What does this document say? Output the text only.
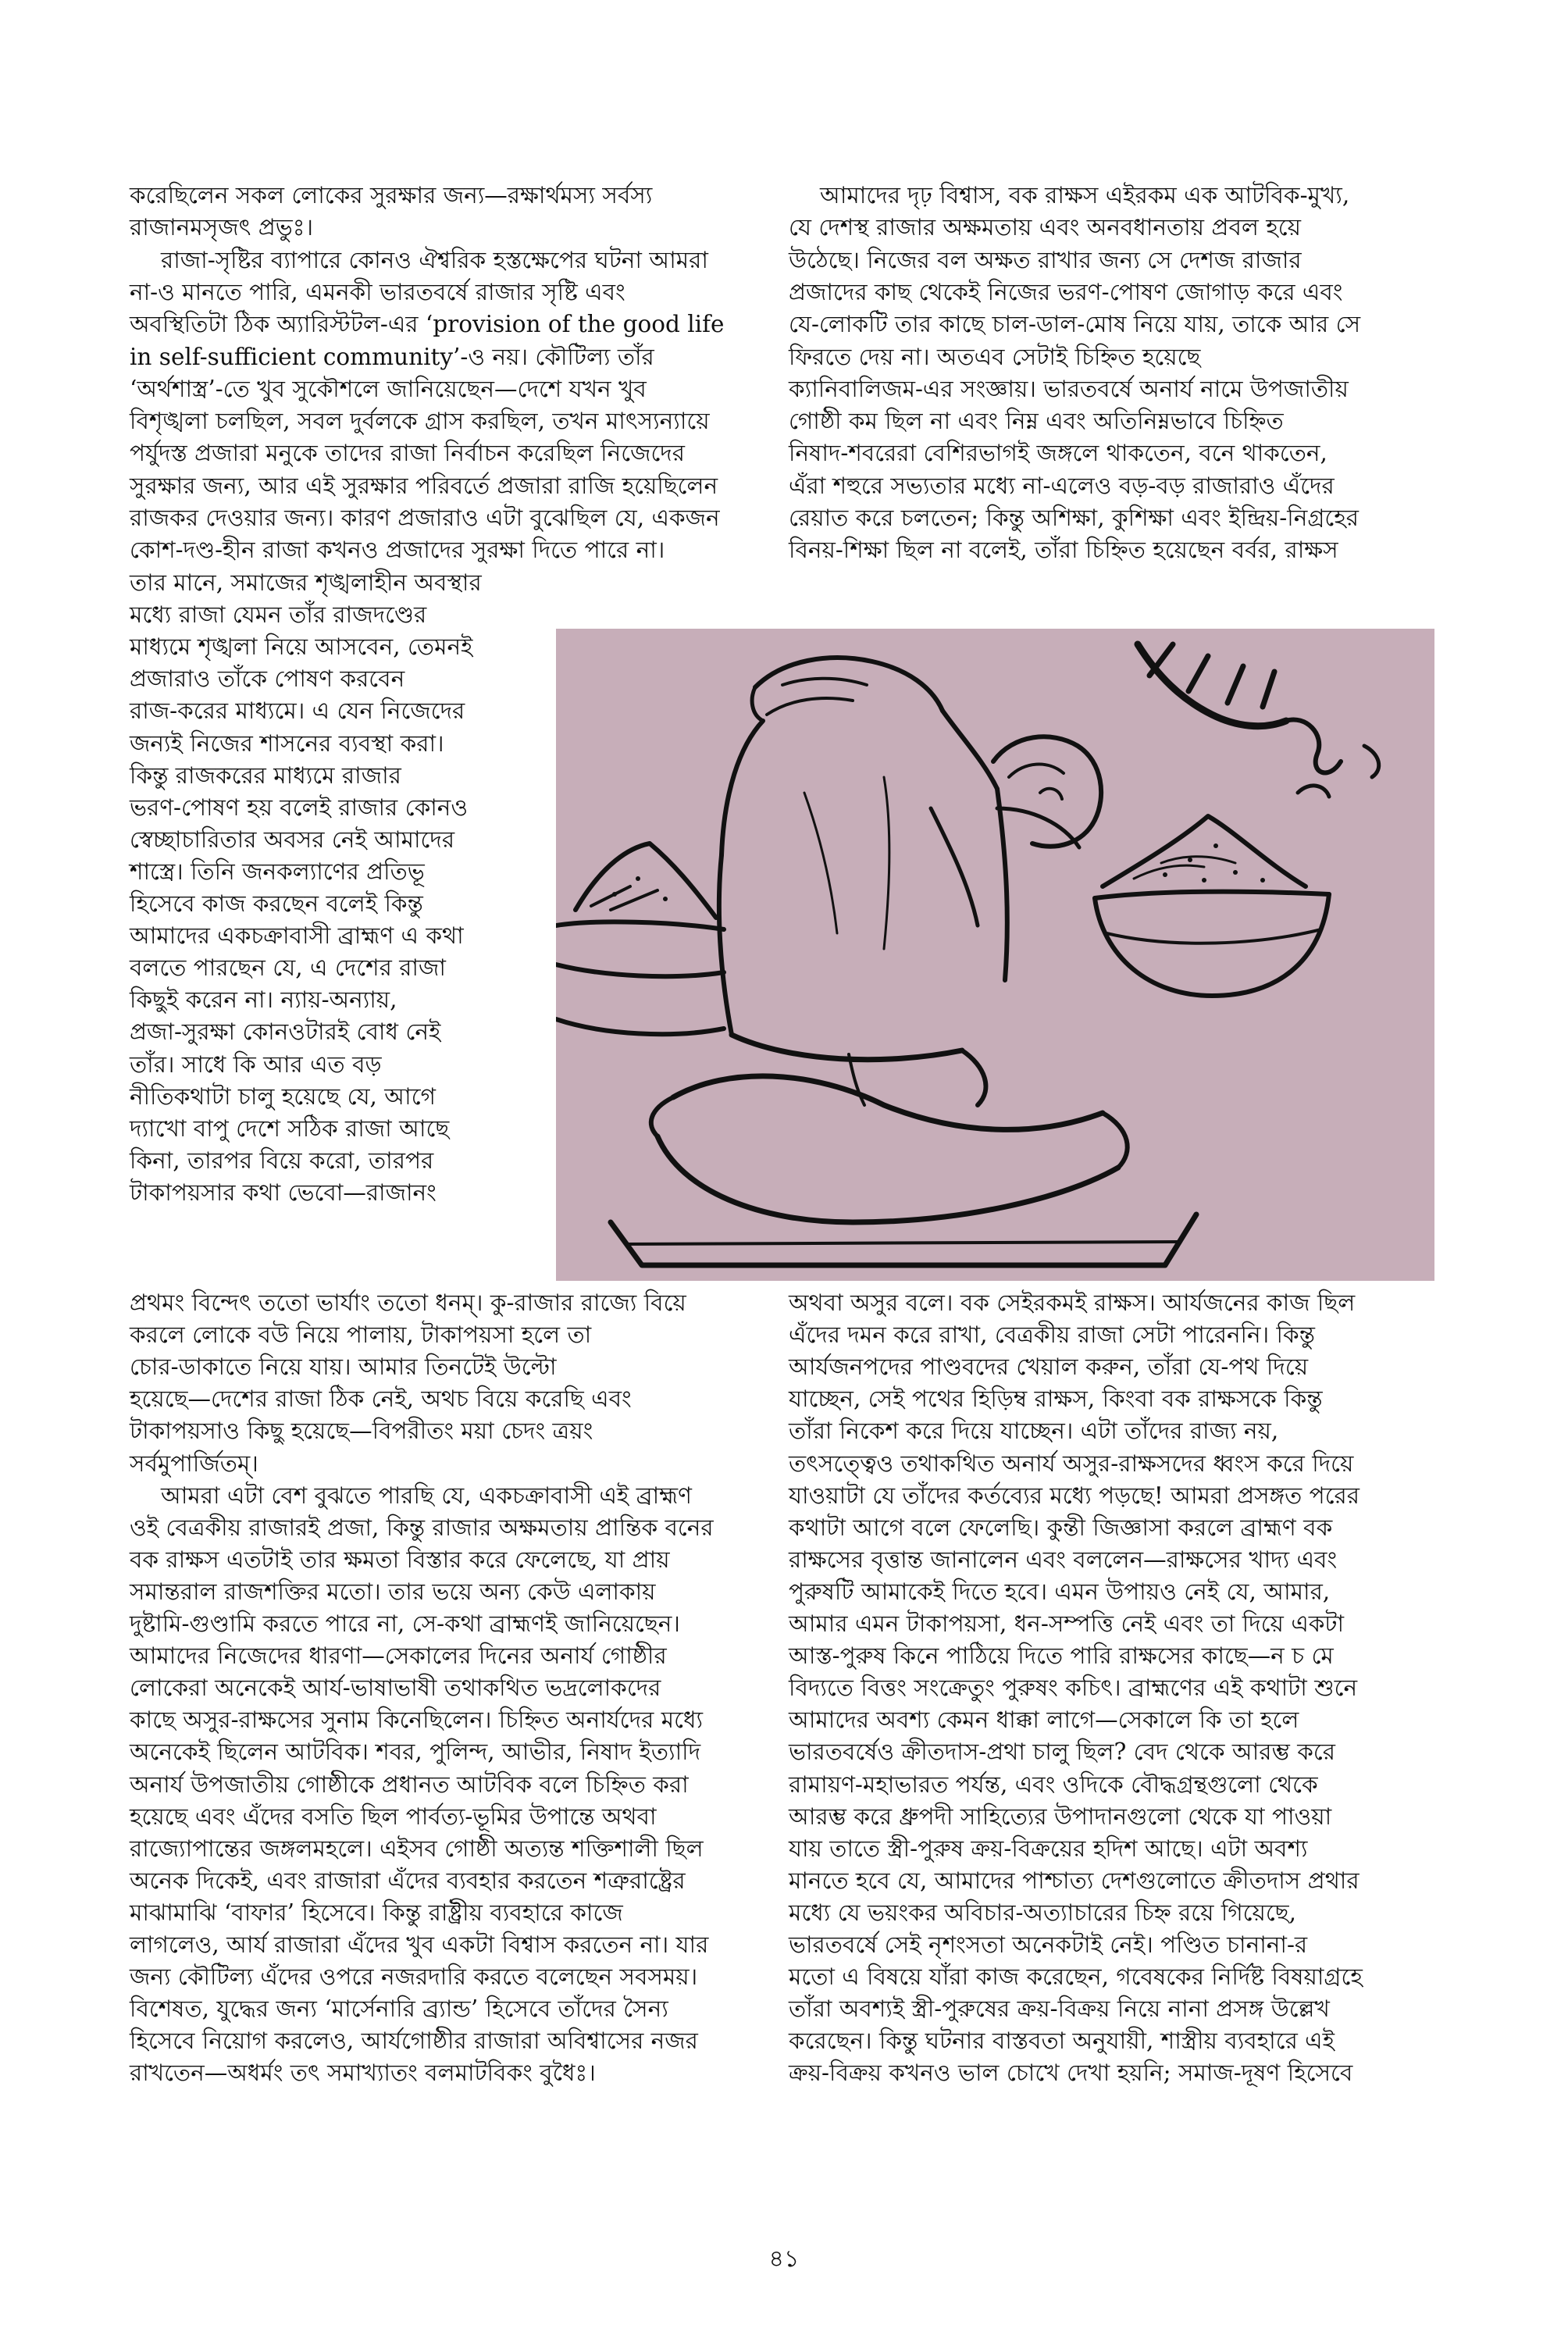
করেছিলেন সকল লোকের সুরক্ষার জন্য—রক্ষার্থমস্য সর্বস্য
রাজানমসৃজৎ প্রভুঃ।
রাজা-সৃষ্টির ব্যাপারে কোনও ঐশ্বরিক হস্তক্ষেপের ঘটনা আমরা
না-ও মানতে পারি, এমনকী ভারতবর্ষে রাজার সৃষ্টি এবং
অবস্থিতিটা ঠিক অ্যারিস্টটল-এর ‘provision of the good life
in self-sufficient community’-ও নয়। কৌটিল্য তাঁর
‘অর্থশাস্ত্র’-তে খুব সুকৌশলে জানিয়েছেন—দেশে যখন খুব
বিশৃঙ্খলা চলছিল, সবল দুর্বলকে গ্রাস করছিল, তখন মাৎস্যন্যায়ে
পর্যুদস্ত প্রজারা মনুকে তাদের রাজা নির্বাচন করেছিল নিজেদের
সুরক্ষার জন্য, আর এই সুরক্ষার পরিবর্তে প্রজারা রাজি হয়েছিলেন
রাজকর দেওয়ার জন্য। কারণ প্রজারাও এটা বুঝেছিল যে, একজন
কোশ-দণ্ড-হীন রাজা কখনও প্রজাদের সুরক্ষা দিতে পারে না।
তার মানে, সমাজের শৃঙ্খলাহীন অবস্থার
মধ্যে রাজা যেমন তাঁর রাজদণ্ডের
মাধ্যমে শৃঙ্খলা নিয়ে আসবেন, তেমনই
প্রজারাও তাঁকে পোষণ করবেন
রাজ-করের মাধ্যমে। এ যেন নিজেদের
জন্যই নিজের শাসনের ব্যবস্থা করা।
কিন্তু রাজকরের মাধ্যমে রাজার
ভরণ-পোষণ হয় বলেই রাজার কোনও
স্বেচ্ছাচারিতার অবসর নেই আমাদের
শাস্ত্রে। তিনি জনকল্যাণের প্রতিভূ
হিসেবে কাজ করছেন বলেই কিন্তু
আমাদের একচক্রাবাসী ব্রাহ্মণ এ কথা
বলতে পারছেন যে, এ দেশের রাজা
কিছুই করেন না। ন্যায়-অন্যায়,
প্রজা-সুরক্ষা কোনওটারই বোধ নেই
তাঁর। সাধে কি আর এত বড়
নীতিকথাটা চালু হয়েছে যে, আগে
দ্যাখো বাপু দেশে সঠিক রাজা আছে
কিনা, তারপর বিয়ে করো, তারপর
টাকাপয়সার কথা ভেবো—রাজানং
প্রথমং বিন্দেৎ ততো ভার্যাং ততো ধনম্। কু-রাজার রাজ্যে বিয়ে
করলে লোকে বউ নিয়ে পালায়, টাকাপয়সা হলে তা
চোর-ডাকাতে নিয়ে যায়। আমার তিনটেই উল্টো
হয়েছে—দেশের রাজা ঠিক নেই, অথচ বিয়ে করেছি এবং
টাকাপয়সাও কিছু হয়েছে—বিপরীতং ময়া চেদং ত্রয়ং
সর্বমুপার্জিতম্।
আমরা এটা বেশ বুঝতে পারছি যে, একচক্রাবাসী এই ব্রাহ্মণ
ওই বেত্রকীয় রাজারই প্রজা, কিন্তু রাজার অক্ষমতায় প্রান্তিক বনের
বক রাক্ষস এতটাই তার ক্ষমতা বিস্তার করে ফেলেছে, যা প্রায়
সমান্তরাল রাজশক্তির মতো। তার ভয়ে অন্য কেউ এলাকায়
দুষ্টামি-গুণ্ডামি করতে পারে না, সে-কথা ব্রাহ্মণই জানিয়েছেন।
আমাদের নিজেদের ধারণা—সেকালের দিনের অনার্য গোষ্ঠীর
লোকেরা অনেকেই আর্য-ভাষাভাষী তথাকথিত ভদ্রলোকদের
কাছে অসুর-রাক্ষসের সুনাম কিনেছিলেন। চিহ্নিত অনার্যদের মধ্যে
অনেকেই ছিলেন আটবিক। শবর, পুলিন্দ, আভীর, নিষাদ ইত্যাদি
অনার্য উপজাতীয় গোষ্ঠীকে প্রধানত আটবিক বলে চিহ্নিত করা
হয়েছে এবং এঁদের বসতি ছিল পার্বত্য-ভূমির উপান্তে অথবা
রাজ্যোপান্তের জঙ্গলমহলে। এইসব গোষ্ঠী অত্যন্ত শক্তিশালী ছিল
অনেক দিকেই, এবং রাজারা এঁদের ব্যবহার করতেন শত্রুরাষ্ট্রের
মাঝামাঝি ‘বাফার’ হিসেবে। কিন্তু রাষ্ট্রীয় ব্যবহারে কাজে
লাগলেও, আর্য রাজারা এঁদের খুব একটা বিশ্বাস করতেন না। যার
জন্য কৌটিল্য এঁদের ওপরে নজরদারি করতে বলেছেন সবসময়।
বিশেষত, যুদ্ধের জন্য ‘মার্সেনারি ব্র্যান্ড’ হিসেবে তাঁদের সৈন্য
হিসেবে নিয়োগ করলেও, আর্যগোষ্ঠীর রাজারা অবিশ্বাসের নজর
রাখতেন—অধর্মং তৎ সমাখ্যাতং বলমাটবিকং বুধৈঃ।
আমাদের দৃঢ় বিশ্বাস, বক রাক্ষস এইরকম এক আটবিক-মুখ্য,
যে দেশস্থ রাজার অক্ষমতায় এবং অনবধানতায় প্রবল হয়ে
উঠেছে। নিজের বল অক্ষত রাখার জন্য সে দেশজ রাজার
প্রজাদের কাছ থেকেই নিজের ভরণ-পোষণ জোগাড় করে এবং
যে-লোকটি তার কাছে চাল-ডাল-মোষ নিয়ে যায়, তাকে আর সে
ফিরতে দেয় না। অতএব সেটাই চিহ্নিত হয়েছে
ক্যানিবালিজম-এর সংজ্ঞায়। ভারতবর্ষে অনার্য নামে উপজাতীয়
গোষ্ঠী কম ছিল না এবং নিম্ন এবং অতিনিম্নভাবে চিহ্নিত
নিষাদ-শবরেরা বেশিরভাগই জঙ্গলে থাকতেন, বনে থাকতেন,
এঁরা শহুরে সভ্যতার মধ্যে না-এলেও বড়-বড় রাজারাও এঁদের
রেয়াত করে চলতেন; কিন্তু অশিক্ষা, কুশিক্ষা এবং ইন্দ্রিয়-নিগ্রহের
বিনয়-শিক্ষা ছিল না বলেই, তাঁরা চিহ্নিত হয়েছেন বর্বর, রাক্ষস
অথবা অসুর বলে। বক সেইরকমই রাক্ষস। আর্যজনের কাজ ছিল
এঁদের দমন করে রাখা, বেত্রকীয় রাজা সেটা পারেননি। কিন্তু
আর্যজনপদের পাণ্ডবদের খেয়াল করুন, তাঁরা যে-পথ দিয়ে
যাচ্ছেন, সেই পথের হিড়িম্ব রাক্ষস, কিংবা বক রাক্ষসকে কিন্তু
তাঁরা নিকেশ করে দিয়ে যাচ্ছেন। এটা তাঁদের রাজ্য নয়,
তৎসত্ত্বেও তথাকথিত অনার্য অসুর-রাক্ষসদের ধ্বংস করে দিয়ে
যাওয়াটা যে তাঁদের কর্তব্যের মধ্যে পড়ছে! আমরা প্রসঙ্গত পরের
কথাটা আগে বলে ফেলেছি। কুন্তী জিজ্ঞাসা করলে ব্রাহ্মণ বক
রাক্ষসের বৃত্তান্ত জানালেন এবং বললেন—রাক্ষসের খাদ্য এবং
পুরুষটি আমাকেই দিতে হবে। এমন উপায়ও নেই যে, আমার,
আমার এমন টাকাপয়সা, ধন-সম্পত্তি নেই এবং তা দিয়ে একটা
আস্ত-পুরুষ কিনে পাঠিয়ে দিতে পারি রাক্ষসের কাছে—ন চ মে
বিদ্যতে বিত্তং সংক্রেতুং পুরুষং কচিৎ। ব্রাহ্মণের এই কথাটা শুনে
আমাদের অবশ্য কেমন ধাক্কা লাগে—সেকালে কি তা হলে
ভারতবর্ষেও ক্রীতদাস-প্রথা চালু ছিল? বেদ থেকে আরম্ভ করে
রামায়ণ-মহাভারত পর্যন্ত, এবং ওদিকে বৌদ্ধগ্রন্থগুলো থেকে
আরম্ভ করে ধ্রুপদী সাহিত্যের উপাদানগুলো থেকে যা পাওয়া
যায় তাতে স্ত্রী-পুরুষ ক্রয়-বিক্রয়ের হদিশ আছে। এটা অবশ্য
মানতে হবে যে, আমাদের পাশ্চাত্য দেশগুলোতে ক্রীতদাস প্রথার
মধ্যে যে ভয়ংকর অবিচার-অত্যাচারের চিহ্ন রয়ে গিয়েছে,
ভারতবর্ষে সেই নৃশংসতা অনেকটাই নেই। পণ্ডিত চানানা-র
মতো এ বিষয়ে যাঁরা কাজ করেছেন, গবেষকের নির্দিষ্ট বিষয়াগ্রহে
তাঁরা অবশ্যই স্ত্রী-পুরুষের ক্রয়-বিক্রয় নিয়ে নানা প্রসঙ্গ উল্লেখ
করেছেন। কিন্তু ঘটনার বাস্তবতা অনুযায়ী, শাস্ত্রীয় ব্যবহারে এই
ক্রয়-বিক্রয় কখনও ভাল চোখে দেখা হয়নি; সমাজ-দূষণ হিসেবে
৪১
